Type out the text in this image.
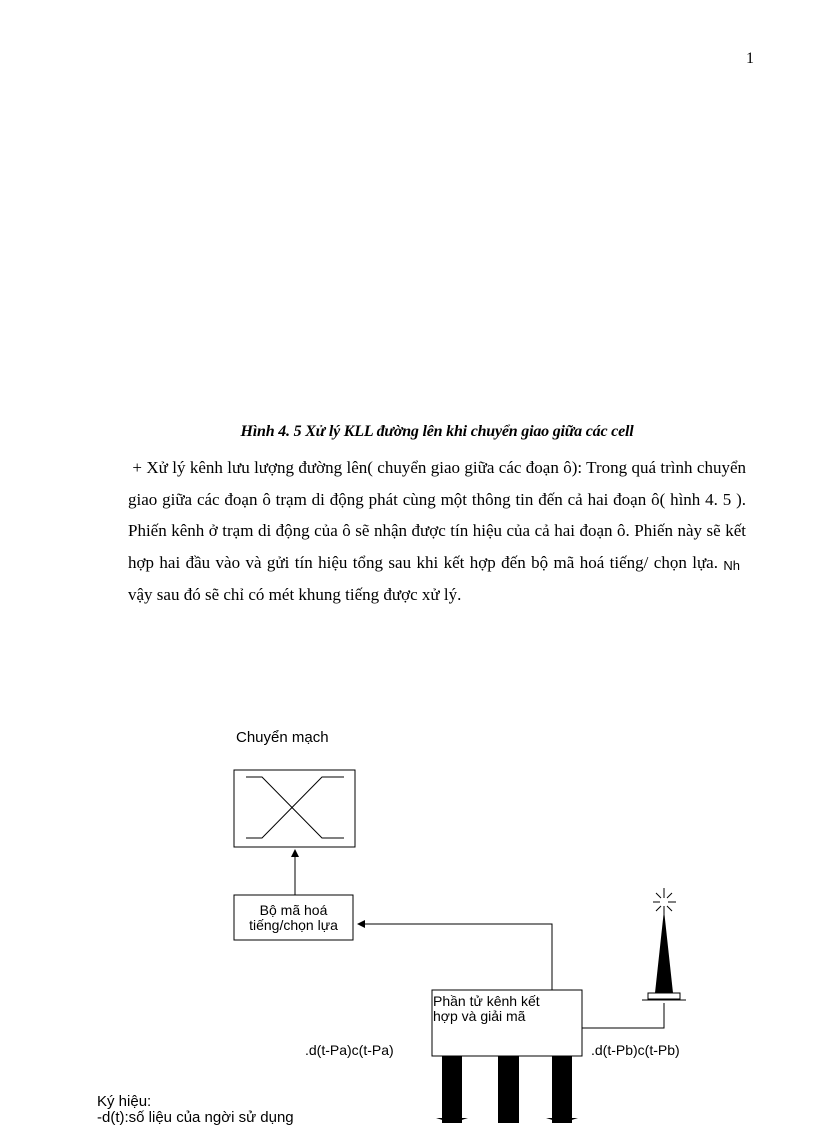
1
Hình 4. 5 Xử lý KLL đường lên khi chuyển giao giữa các cell

+ Xử lý kênh lưu lượng đường lên( chuyển giao giữa các đoạn ô): Trong quá trình chuyển giao giữa các đoạn ô trạm di động phát cùng một thông tin đến cả hai đoạn ô( hình 4. 5 ). Phiến kênh ở trạm di động của ô sẽ nhận được tín hiệu của cả hai đoạn ô. Phiến này sẽ kết hợp hai đầu vào và gửi tín hiệu tổng sau khi kết hợp đến bộ mã hoá tiếng/ chọn lựa. Nh vậy sau đó sẽ chỉ có mét khung tiếng được xử lý.

Chuyển mạch
Bộ mã hoá
tiếng/chọn lựa
Phần tử kênh kết
hợp và giải mã
.d(t-Pa)c(t-Pa)	.d(t-Pb)c(t-Pb)
Ký hiệu:
-d(t):số liệu của ngời sử dụng
